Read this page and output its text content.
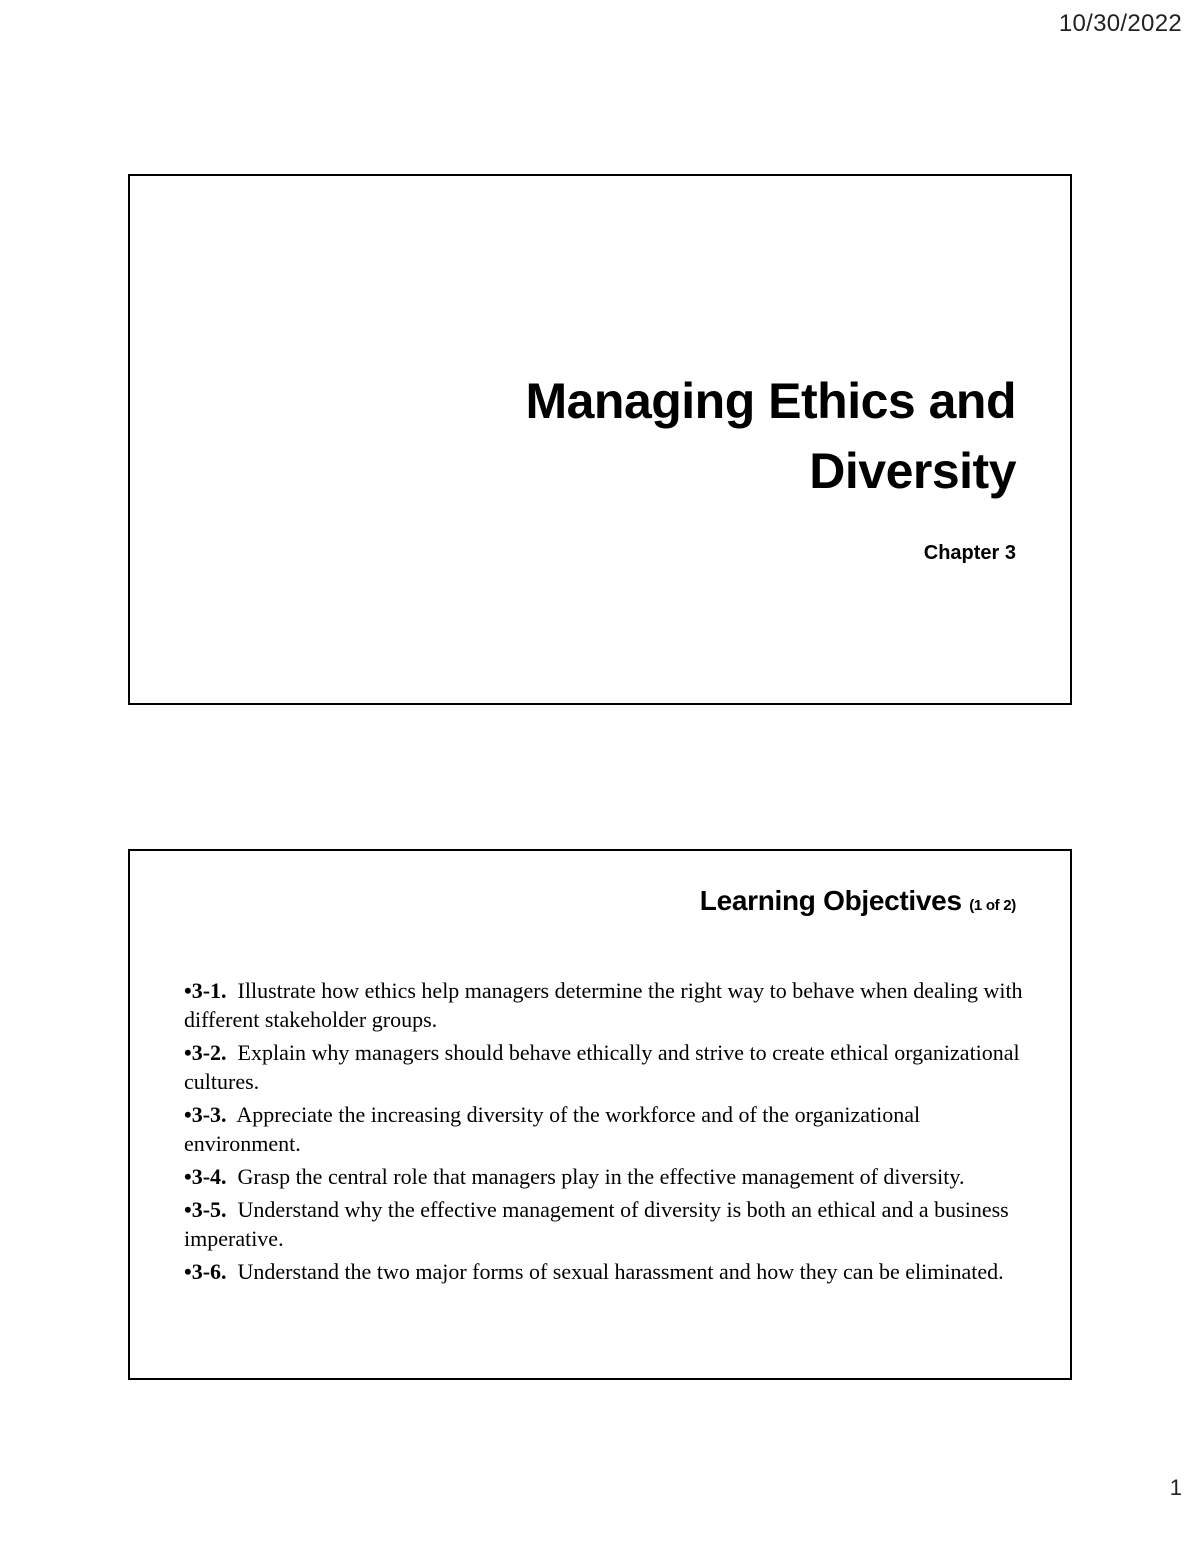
10/30/2022
Managing Ethics and
Diversity

Chapter 3

Learning Objectives (1 of 2)
•3-1. Illustrate how ethics help managers determine the right way to behave when dealing with different stakeholder groups.
•3-2. Explain why managers should behave ethically and strive to create ethical organizational cultures.
•3-3. Appreciate the increasing diversity of the workforce and of the organizational environment.
•3-4. Grasp the central role that managers play in the effective management of diversity.
•3-5. Understand why the effective management of diversity is both an ethical and a business imperative.
•3-6. Understand the two major forms of sexual harassment and how they can be eliminated.
1
